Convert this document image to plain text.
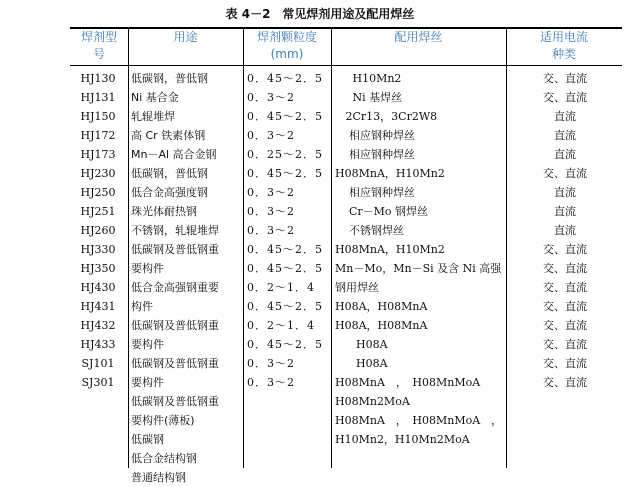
表 4－2　常见焊剂用途及配用焊丝
焊剂型
号
用途	焊剂颗粒度
(mm)
配用焊丝	适用电流
种类
HJ130
HJ131
HJ150
HJ172
HJ173
HJ230
HJ250
HJ251
HJ260
HJ330
HJ350
HJ430
HJ431
HJ432
HJ433
SJ101
SJ301
低碳钢，普低钢
Ni 基合金
轧辊堆焊
高 Cr 铁素体钢
Mn－Al 高合金钢
低碳钢，普低钢
低合金高强度钢
珠光体耐热钢
不锈钢，轧辊堆焊
低碳钢及普低钢重
要构件
低合金高强钢重要
构件
低碳钢及普低钢重
要构件
低碳钢及普低钢重
要构件
低碳钢及普低钢重
要构件(薄板)
低碳钢
低合金结构钢
普通结构钢
0．45～2．5
0．3～2
0．45～2．5
0．3～2
0．25～2．5
0．45～2．5
0．3～2
0．3～2
0．3～2
0．45～2．5
0．45～2．5
0．2～1．4
0．45～2．5
0．2～1．4
0．45～2．5
0．3～2
0．3～2
H10Mn2
Ni 基焊丝
2Cr13，3Cr2W8
相应钢种焊丝
相应钢种焊丝
H08MnA，H10Mn2
相应钢种焊丝
Cr－Mo 钢焊丝
不锈钢焊丝
H08MnA，H10Mn2
Mn－Mo，Mn－Si 及含 Ni 高强
钢用焊丝
H08A，H08MnA
H08A，H08MnA
H08A
H08A
H08MnA　，　H08MnMoA
H08Mn2MoA
H08MnA　，　H08MnMoA　，
H10Mn2，H10Mn2MoA
交、直流
交、直流
直流
直流
直流
交、直流
直流
直流
直流
交、直流
交、直流
交、直流
交、直流
交、直流
交、直流
交、直流
交、直流
